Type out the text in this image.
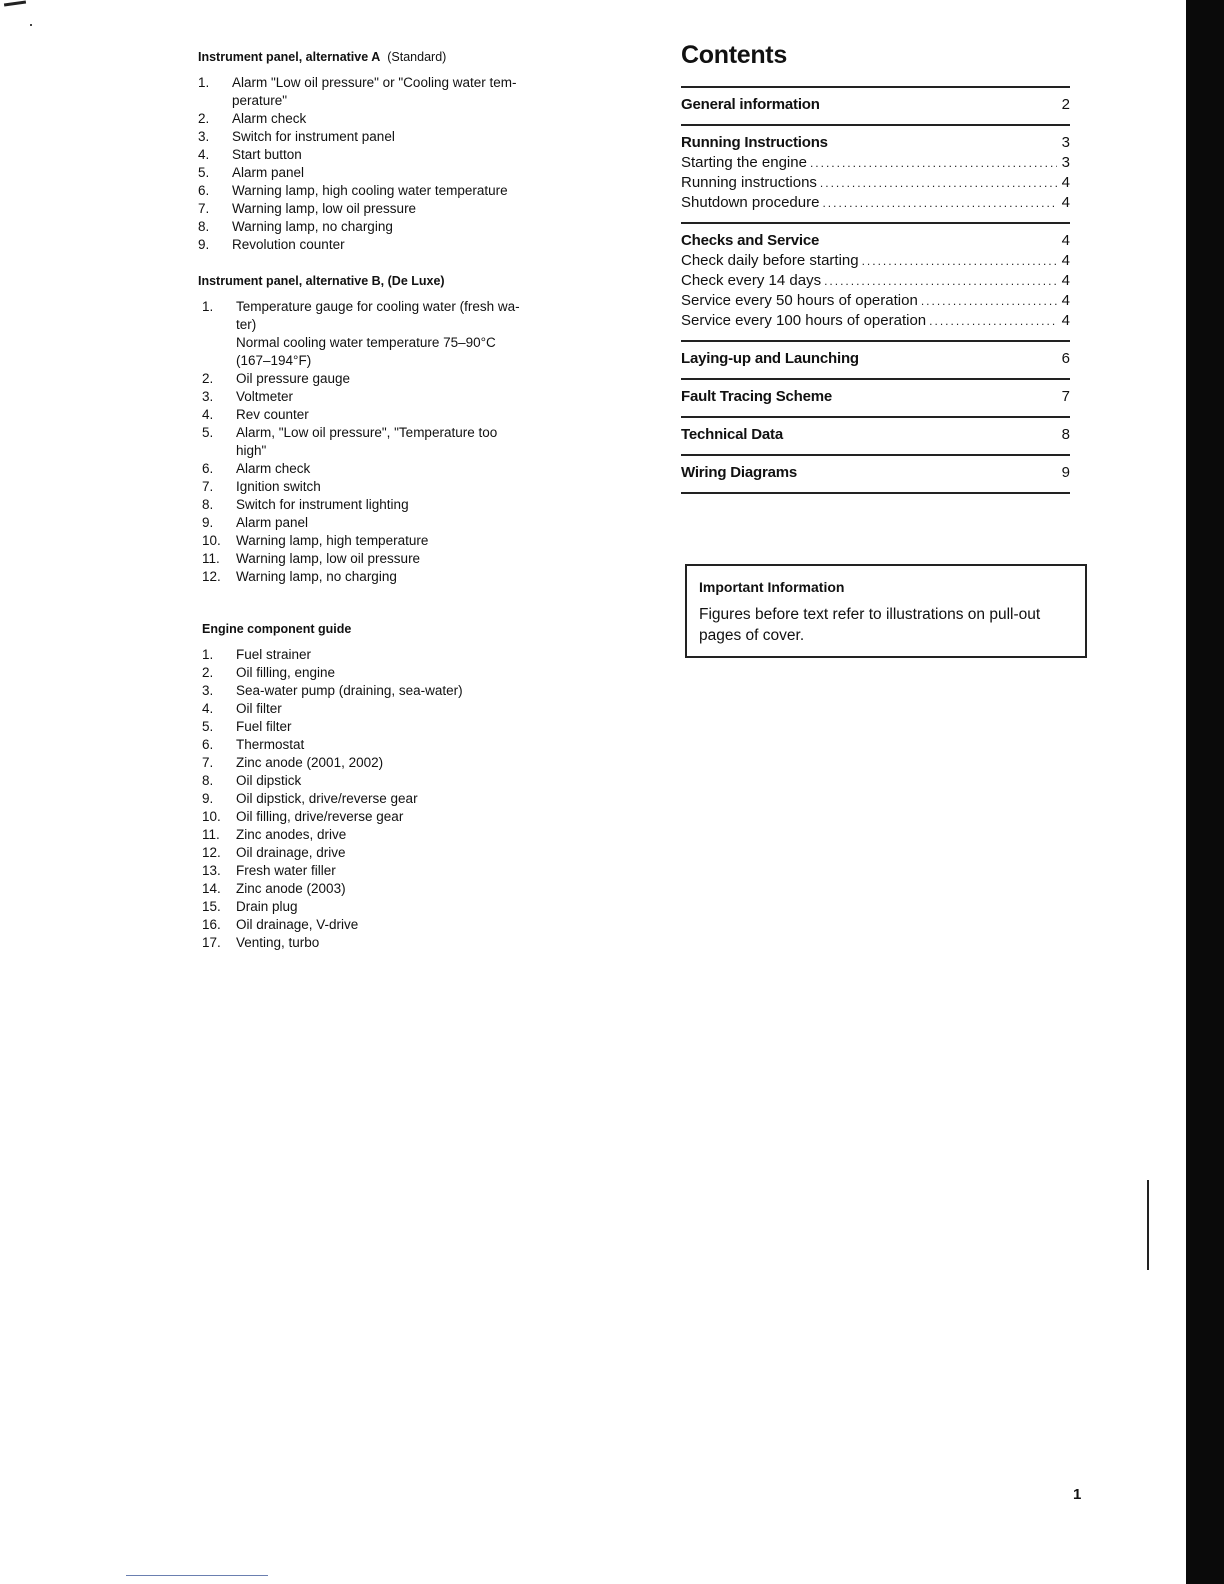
Instrument panel, alternative A (Standard)
1.	Alarm "Low oil pressure" or "Cooling water tem-
perature"
2.	Alarm check
3.	Switch for instrument panel
4.	Start button
5.	Alarm panel
6.	Warning lamp, high cooling water temperature
7.	Warning lamp, low oil pressure
8.	Warning lamp, no charging
9.	Revolution counter
Instrument panel, alternative B, (De Luxe)
1.	Temperature gauge for cooling water (fresh wa-
ter)
Normal cooling water temperature 75–90°C
(167–194°F)
2.	Oil pressure gauge
3.	Voltmeter
4.	Rev counter
5.	Alarm, "Low oil pressure", "Temperature too
high"
6.	Alarm check
7.	Ignition switch
8.	Switch for instrument lighting
9.	Alarm panel
10.	Warning lamp, high temperature
11.	Warning lamp, low oil pressure
12.	Warning lamp, no charging
Engine component guide
1.	Fuel strainer
2.	Oil filling, engine
3.	Sea-water pump (draining, sea-water)
4.	Oil filter
5.	Fuel filter
6.	Thermostat
7.	Zinc anode (2001, 2002)
8.	Oil dipstick
9.	Oil dipstick, drive/reverse gear
10.	Oil filling, drive/reverse gear
11.	Zinc anodes, drive
12.	Oil drainage, drive
13.	Fresh water filler
14.	Zinc anode (2003)
15.	Drain plug
16.	Oil drainage, V-drive
17.	Venting, turbo
Contents
General information	2
Running Instructions	3
Starting the engine .....	3
Running instructions .....	4
Shutdown procedure .....	4
Checks and Service	4
Check daily before starting .....	4
Check every 14 days .....	4
Service every 50 hours of operation .....	4
Service every 100 hours of operation .....	4
Laying-up and Launching	6
Fault Tracing Scheme	7
Technical Data	8
Wiring Diagrams	9

Important Information

Figures before text refer to illustrations on pull-out pages of cover.

1
